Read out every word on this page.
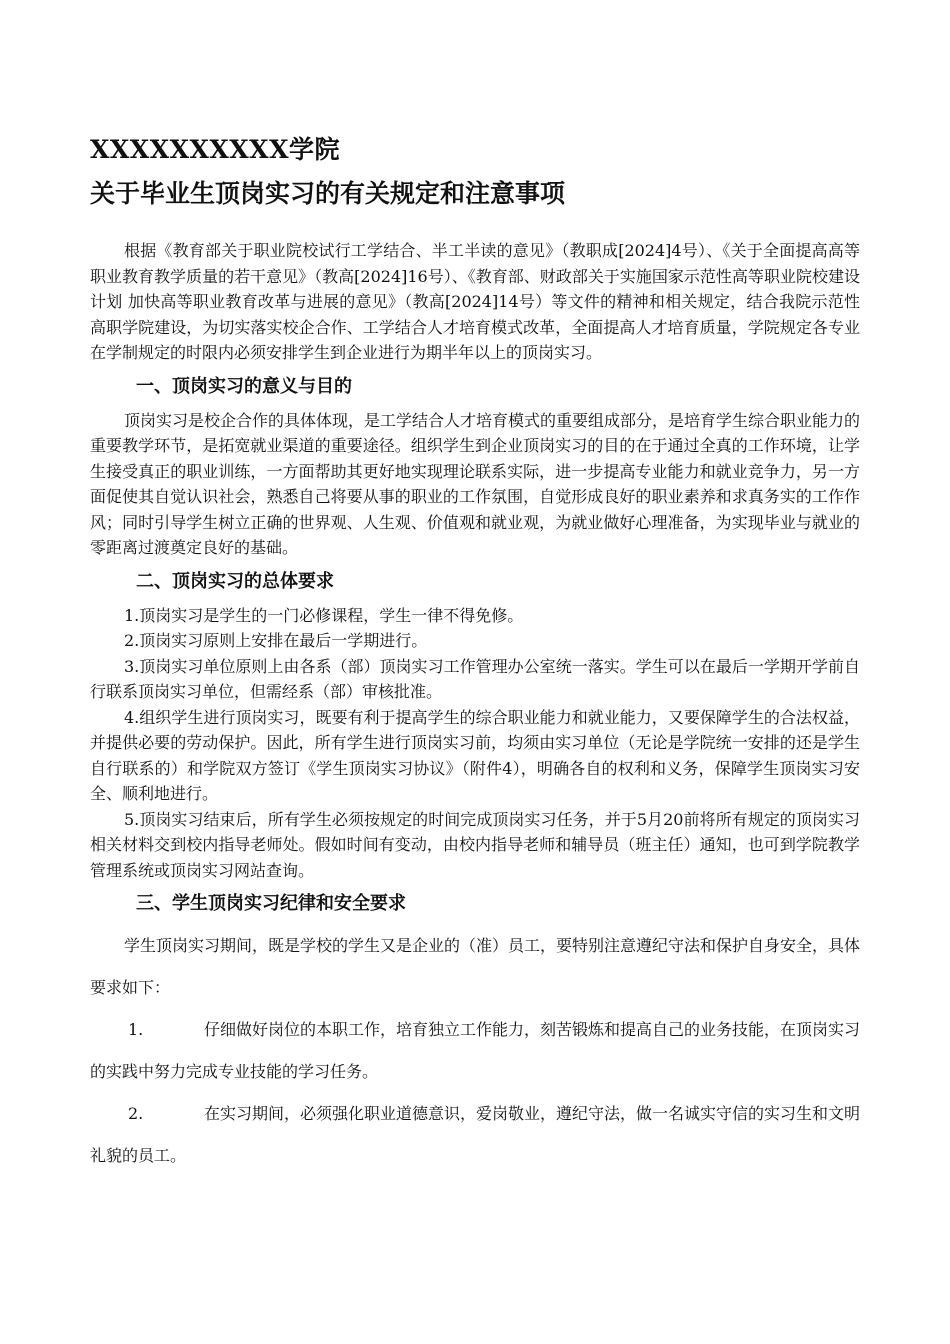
XXXXXXXXXX学院
关于毕业生顶岗实习的有关规定和注意事项

根据《教育部关于职业院校试行工学结合、半工半读的意见》（教职成[2024]4号）、《关于全面提高高等职业教育教学质量的若干意见》（教高[2024]16号）、《教育部、财政部关于实施国家示范性高等职业院校建设计划 加快高等职业教育改革与进展的意见》（教高[2024]14号）等文件的精神和相关规定，结合我院示范性高职学院建设，为切实落实校企合作、工学结合人才培育模式改革，全面提高人才培育质量，学院规定各专业在学制规定的时限内必须安排学生到企业进行为期半年以上的顶岗实习。

一、顶岗实习的意义与目的

顶岗实习是校企合作的具体体现，是工学结合人才培育模式的重要组成部分，是培育学生综合职业能力的重要教学环节，是拓宽就业渠道的重要途径。组织学生到企业顶岗实习的目的在于通过全真的工作环境，让学生接受真正的职业训练，一方面帮助其更好地实现理论联系实际，进一步提高专业能力和就业竞争力，另一方面促使其自觉认识社会，熟悉自己将要从事的职业的工作氛围，自觉形成良好的职业素养和求真务实的工作作风；同时引导学生树立正确的世界观、人生观、价值观和就业观，为就业做好心理准备，为实现毕业与就业的零距离过渡奠定良好的基础。

二、顶岗实习的总体要求

1.顶岗实习是学生的一门必修课程，学生一律不得免修。

2.顶岗实习原则上安排在最后一学期进行。

3.顶岗实习单位原则上由各系（部）顶岗实习工作管理办公室统一落实。学生可以在最后一学期开学前自行联系顶岗实习单位，但需经系（部）审核批准。

4.组织学生进行顶岗实习，既要有利于提高学生的综合职业能力和就业能力，又要保障学生的合法权益，并提供必要的劳动保护。因此，所有学生进行顶岗实习前，均须由实习单位（无论是学院统一安排的还是学生自行联系的）和学院双方签订《学生顶岗实习协议》（附件4），明确各自的权利和义务，保障学生顶岗实习安全、顺利地进行。

5.顶岗实习结束后，所有学生必须按规定的时间完成顶岗实习任务，并于5月20前将所有规定的顶岗实习相关材料交到校内指导老师处。假如时间有变动，由校内指导老师和辅导员（班主任）通知，也可到学院教学管理系统或顶岗实习网站查询。

三、学生顶岗实习纪律和安全要求

学生顶岗实习期间，既是学校的学生又是企业的（准）员工，要特别注意遵纪守法和保护自身安全，具体要求如下：

1.	仔细做好岗位的本职工作，培育独立工作能力，刻苦锻炼和提高自己的业务技能，在顶岗实习的实践中努力完成专业技能的学习任务。

2.	在实习期间，必须强化职业道德意识，爱岗敬业，遵纪守法，做一名诚实守信的实习生和文明礼貌的员工。
